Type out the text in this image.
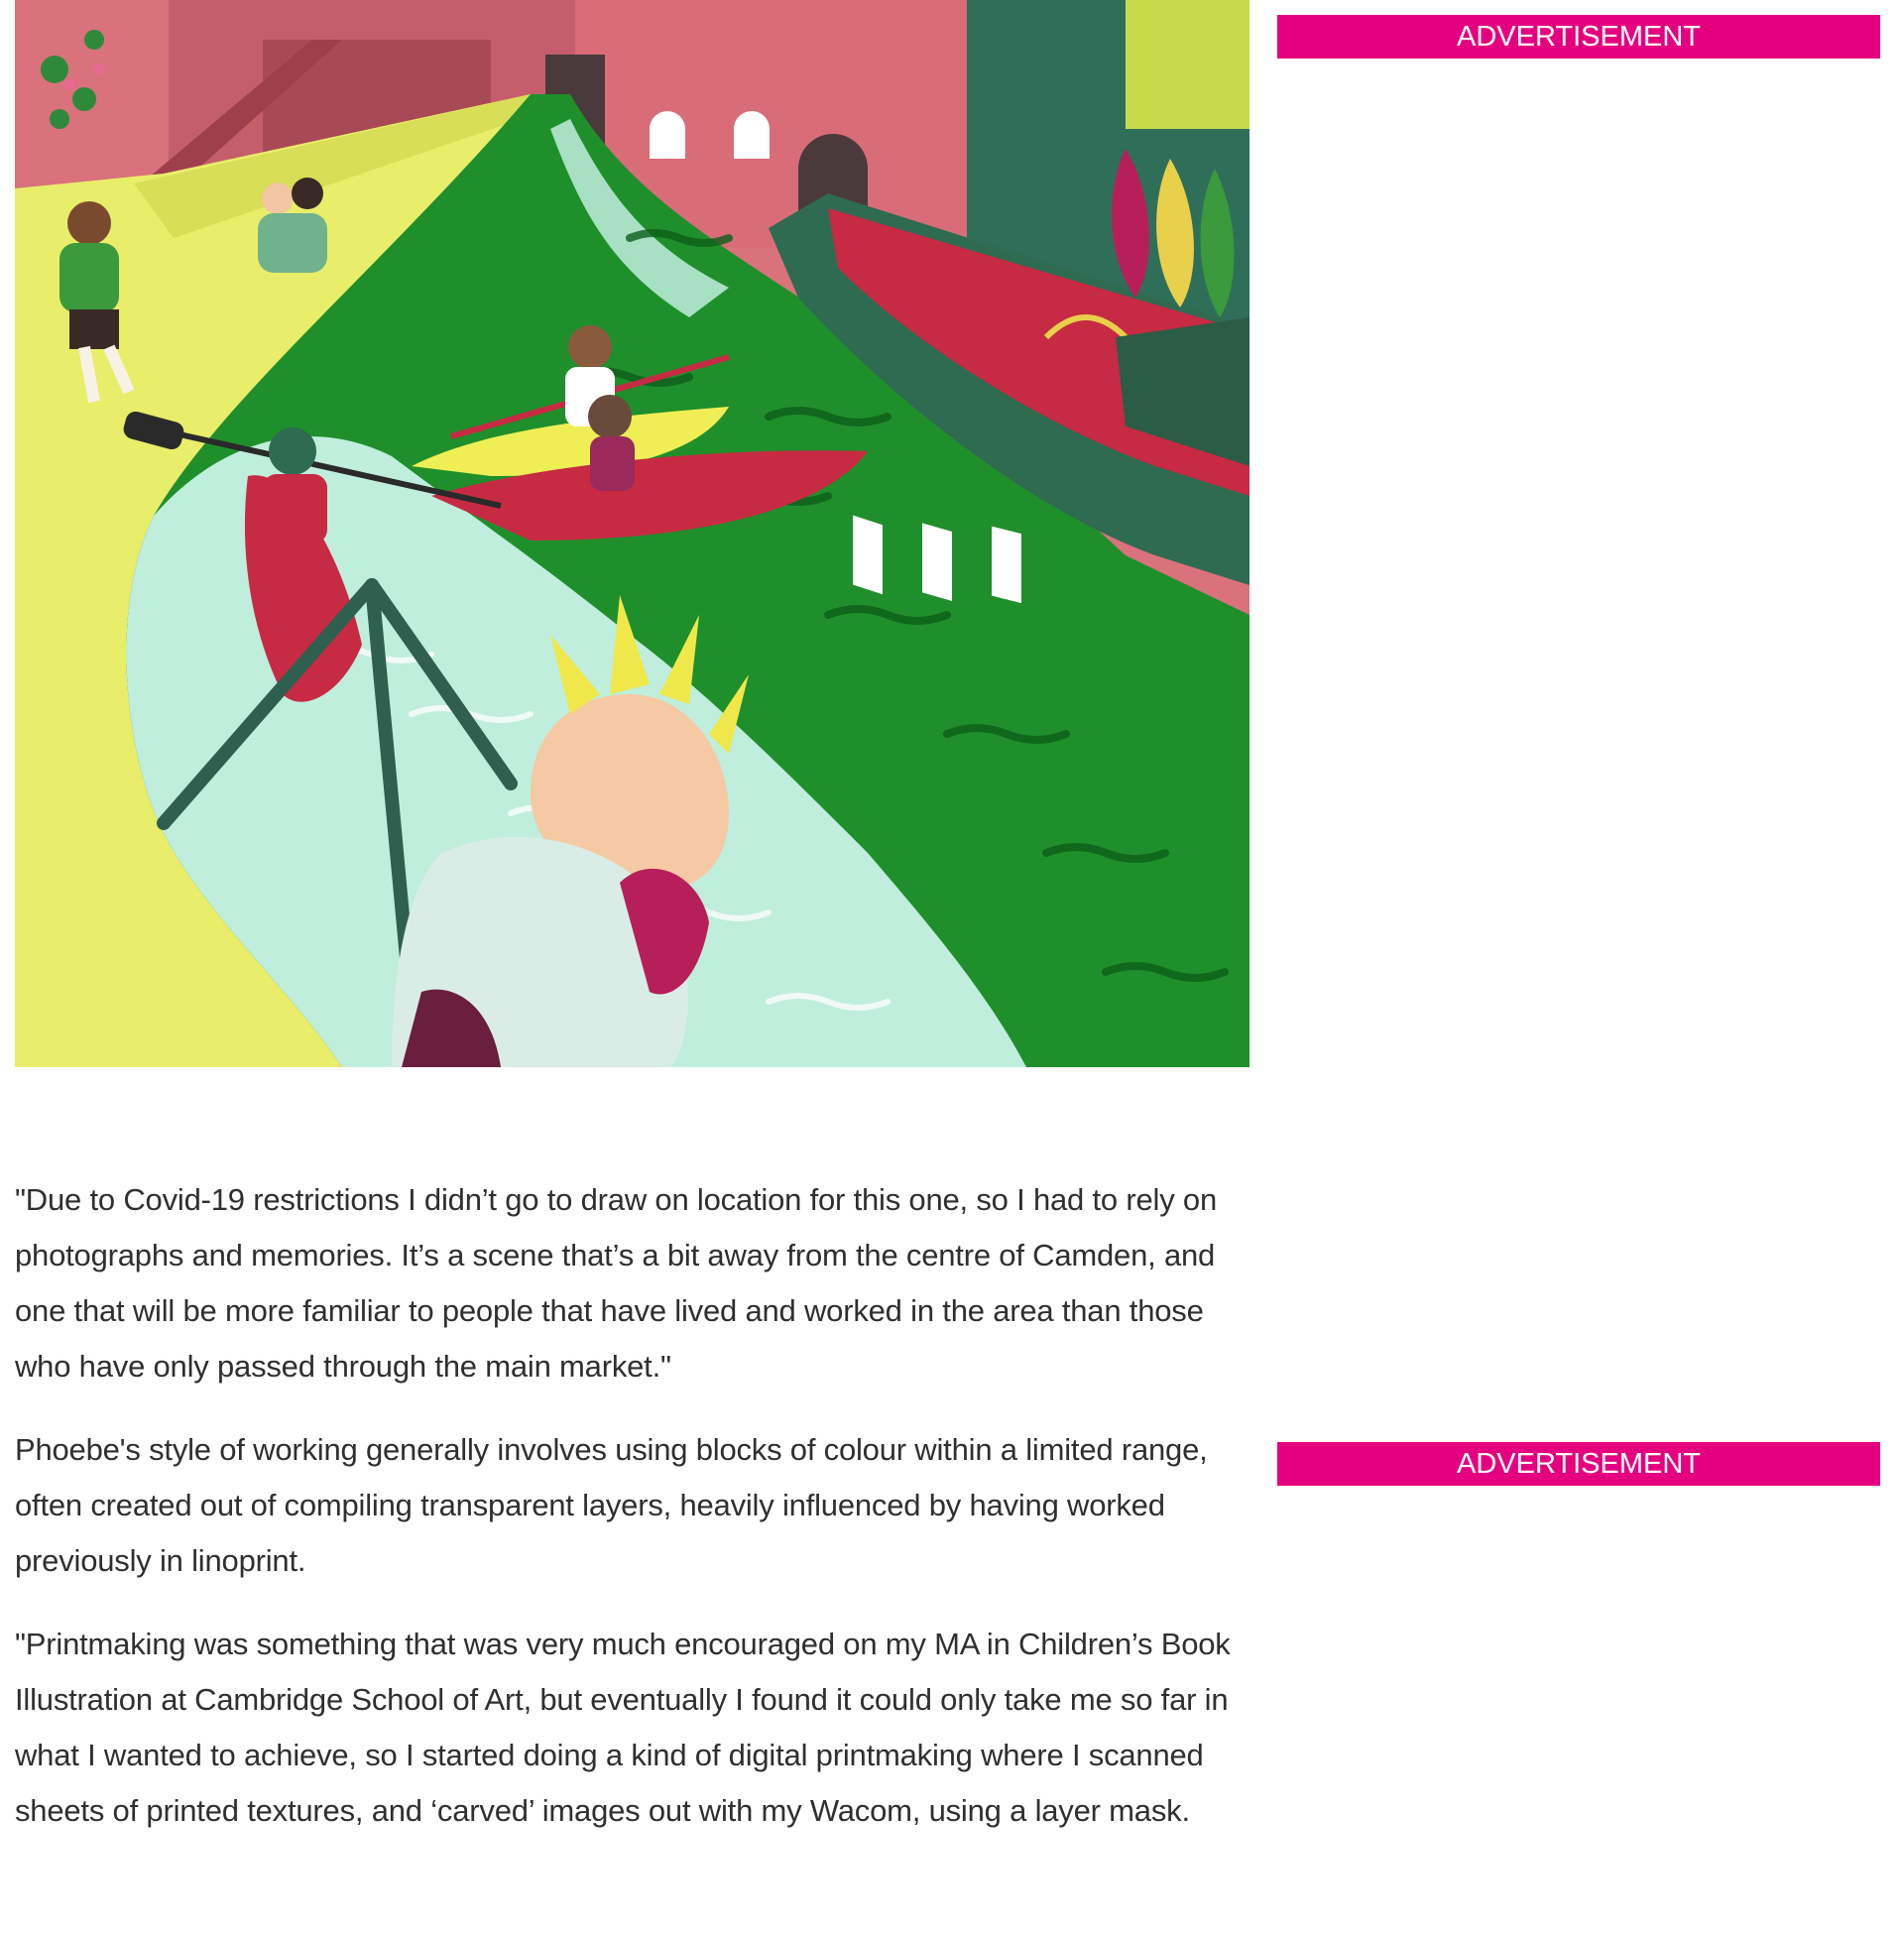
"Due to Covid-19 restrictions I didn’t go to draw on location for this one, so I had to rely on photographs and memories. It’s a scene that’s a bit away from the centre of Camden, and one that will be more familiar to people that have lived and worked in the area than those who have only passed through the main market."

Phoebe's style of working generally involves using blocks of colour within a limited range, often created out of compiling transparent layers, heavily influenced by having worked previously in linoprint.

"Printmaking was something that was very much encouraged on my MA in Children’s Book Illustration at Cambridge School of Art, but eventually I found it could only take me so far in what I wanted to achieve, so I started doing a kind of digital printmaking where I scanned sheets of printed textures, and ‘carved’ images out with my Wacom, using a layer mask.

ADVERTISEMENT
ADVERTISEMENT
